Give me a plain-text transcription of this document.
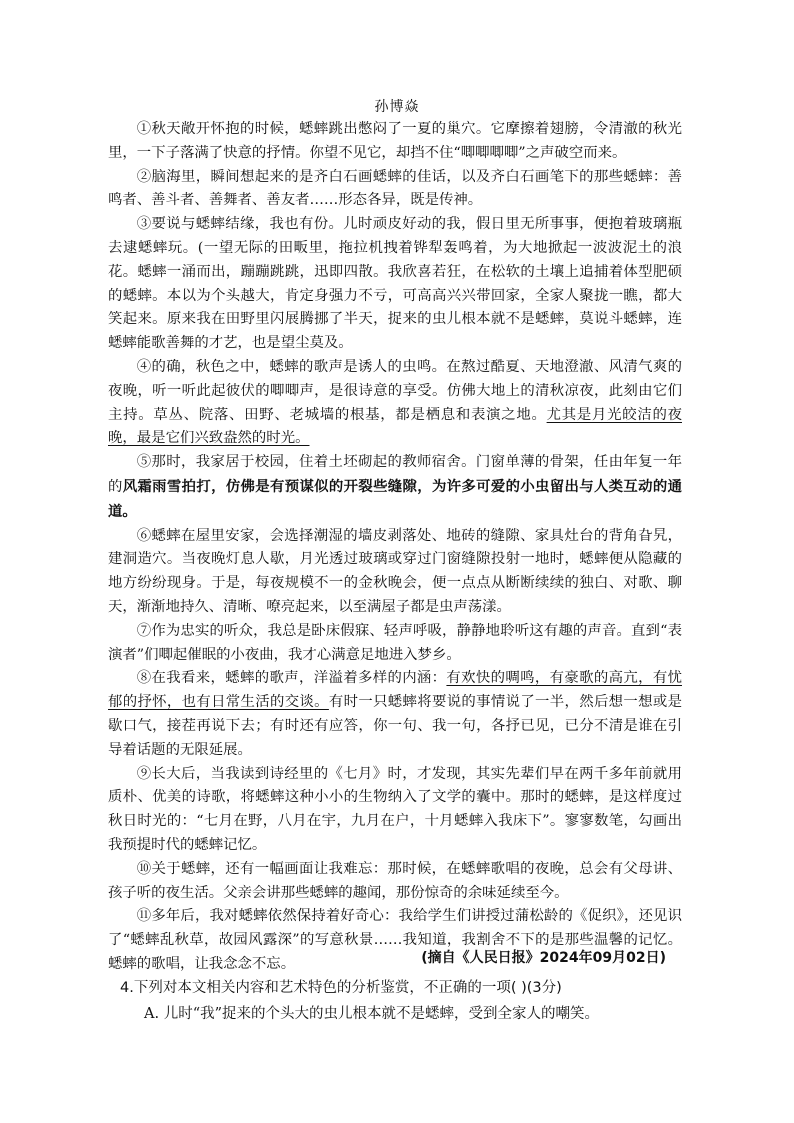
孙博焱

①秋天敞开怀抱的时候，蟋蟀跳出憋闷了一夏的巢穴。它摩擦着翅膀，令清澈的秋光里，一下子落满了快意的抒情。你望不见它，却挡不住“唧唧唧唧”之声破空而来。

②脑海里，瞬间想起来的是齐白石画蟋蟀的佳话，以及齐白石画笔下的那些蟋蟀：善鸣者、善斗者、善舞者、善友者……形态各异，既是传神。

③要说与蟋蟀结缘，我也有份。儿时顽皮好动的我，假日里无所事事，便抱着玻璃瓶去逮蟋蟀玩。(一望无际的田畈里，拖拉机拽着铧犁轰鸣着，为大地掀起一波波泥土的浪花。蟋蟀一涌而出，蹦蹦跳跳，迅即四散。我欣喜若狂，在松软的土壤上追捕着体型肥硕的蟋蟀。本以为个头越大，肯定身强力不亏，可高高兴兴带回家，全家人聚拢一瞧，都大笑起来。原来我在田野里闪展腾挪了半天，捉来的虫儿根本就不是蟋蟀，莫说斗蟋蟀，连蟋蟀能歌善舞的才艺，也是望尘莫及。

④的确，秋色之中，蟋蟀的歌声是诱人的虫鸣。在熬过酷夏、天地澄澈、风清气爽的夜晚，听一听此起彼伏的唧唧声，是很诗意的享受。仿佛大地上的清秋凉夜，此刻由它们主持。草丛、院落、田野、老城墙的根基，都是栖息和表演之地。尤其是月光皎洁的夜晚，最是它们兴致盎然的时光。

⑤那时，我家居于校园，住着土坯砌起的教师宿舍。门窗单薄的骨架，任由年复一年的风霜雨雪拍打，仿佛是有预谋似的开裂些缝隙，为许多可爱的小虫留出与人类互动的通道。

⑥蟋蟀在屋里安家，会选择潮湿的墙皮剥落处、地砖的缝隙、家具灶台的背角旮旯，建洞造穴。当夜晚灯息人歇，月光透过玻璃或穿过门窗缝隙投射一地时，蟋蟀便从隐藏的地方纷纷现身。于是，每夜规模不一的金秋晚会，便一点点从断断续续的独白、对歌、聊天，渐渐地持久、清晰、嘹亮起来，以至满屋子都是虫声荡漾。

⑦作为忠实的听众，我总是卧床假寐、轻声呼吸，静静地聆听这有趣的声音。直到“表演者”们唧起催眠的小夜曲，我才心满意足地进入梦乡。

⑧在我看来，蟋蟀的歌声，洋溢着多样的内涵：有欢快的啁鸣，有豪歌的高亢，有忧郁的抒怀，也有日常生活的交谈。有时一只蟋蟀将要说的事情说了一半，然后想一想或是歇口气，接茬再说下去；有时还有应答，你一句、我一句，各抒已见，已分不清是谁在引导着话题的无限延展。

⑨长大后，当我读到诗经里的《七月》时，才发现，其实先辈们早在两千多年前就用质朴、优美的诗歌，将蟋蟀这种小小的生物纳入了文学的囊中。那时的蟋蟀，是这样度过秋日时光的：“七月在野，八月在宇，九月在户，十月蟋蟀入我床下”。寥寥数笔，勾画出我预提时代的蟋蟀记忆。

⑩关于蟋蟀，还有一幅画面让我难忘：那时候，在蟋蟀歌唱的夜晚，总会有父母讲、孩子听的夜生活。父亲会讲那些蟋蟀的趣闻，那份惊奇的余味延续至今。

⑪多年后，我对蟋蟀依然保持着好奇心：我给学生们讲授过蒲松龄的《促织》，还见识了“蟋蟀乱秋草，故园风露深”的写意秋景……我知道，我割舍不下的是那些温馨的记忆。蟋蟀的歌唱，让我念念不忘。	(摘自《人民日报》2024年09月02日)
4.下列对本文相关内容和艺术特色的分析鉴赏，不正确的一项( )(3分)
A. 儿时“我”捉来的个头大的虫儿根本就不是蟋蟀，受到全家人的嘲笑。
